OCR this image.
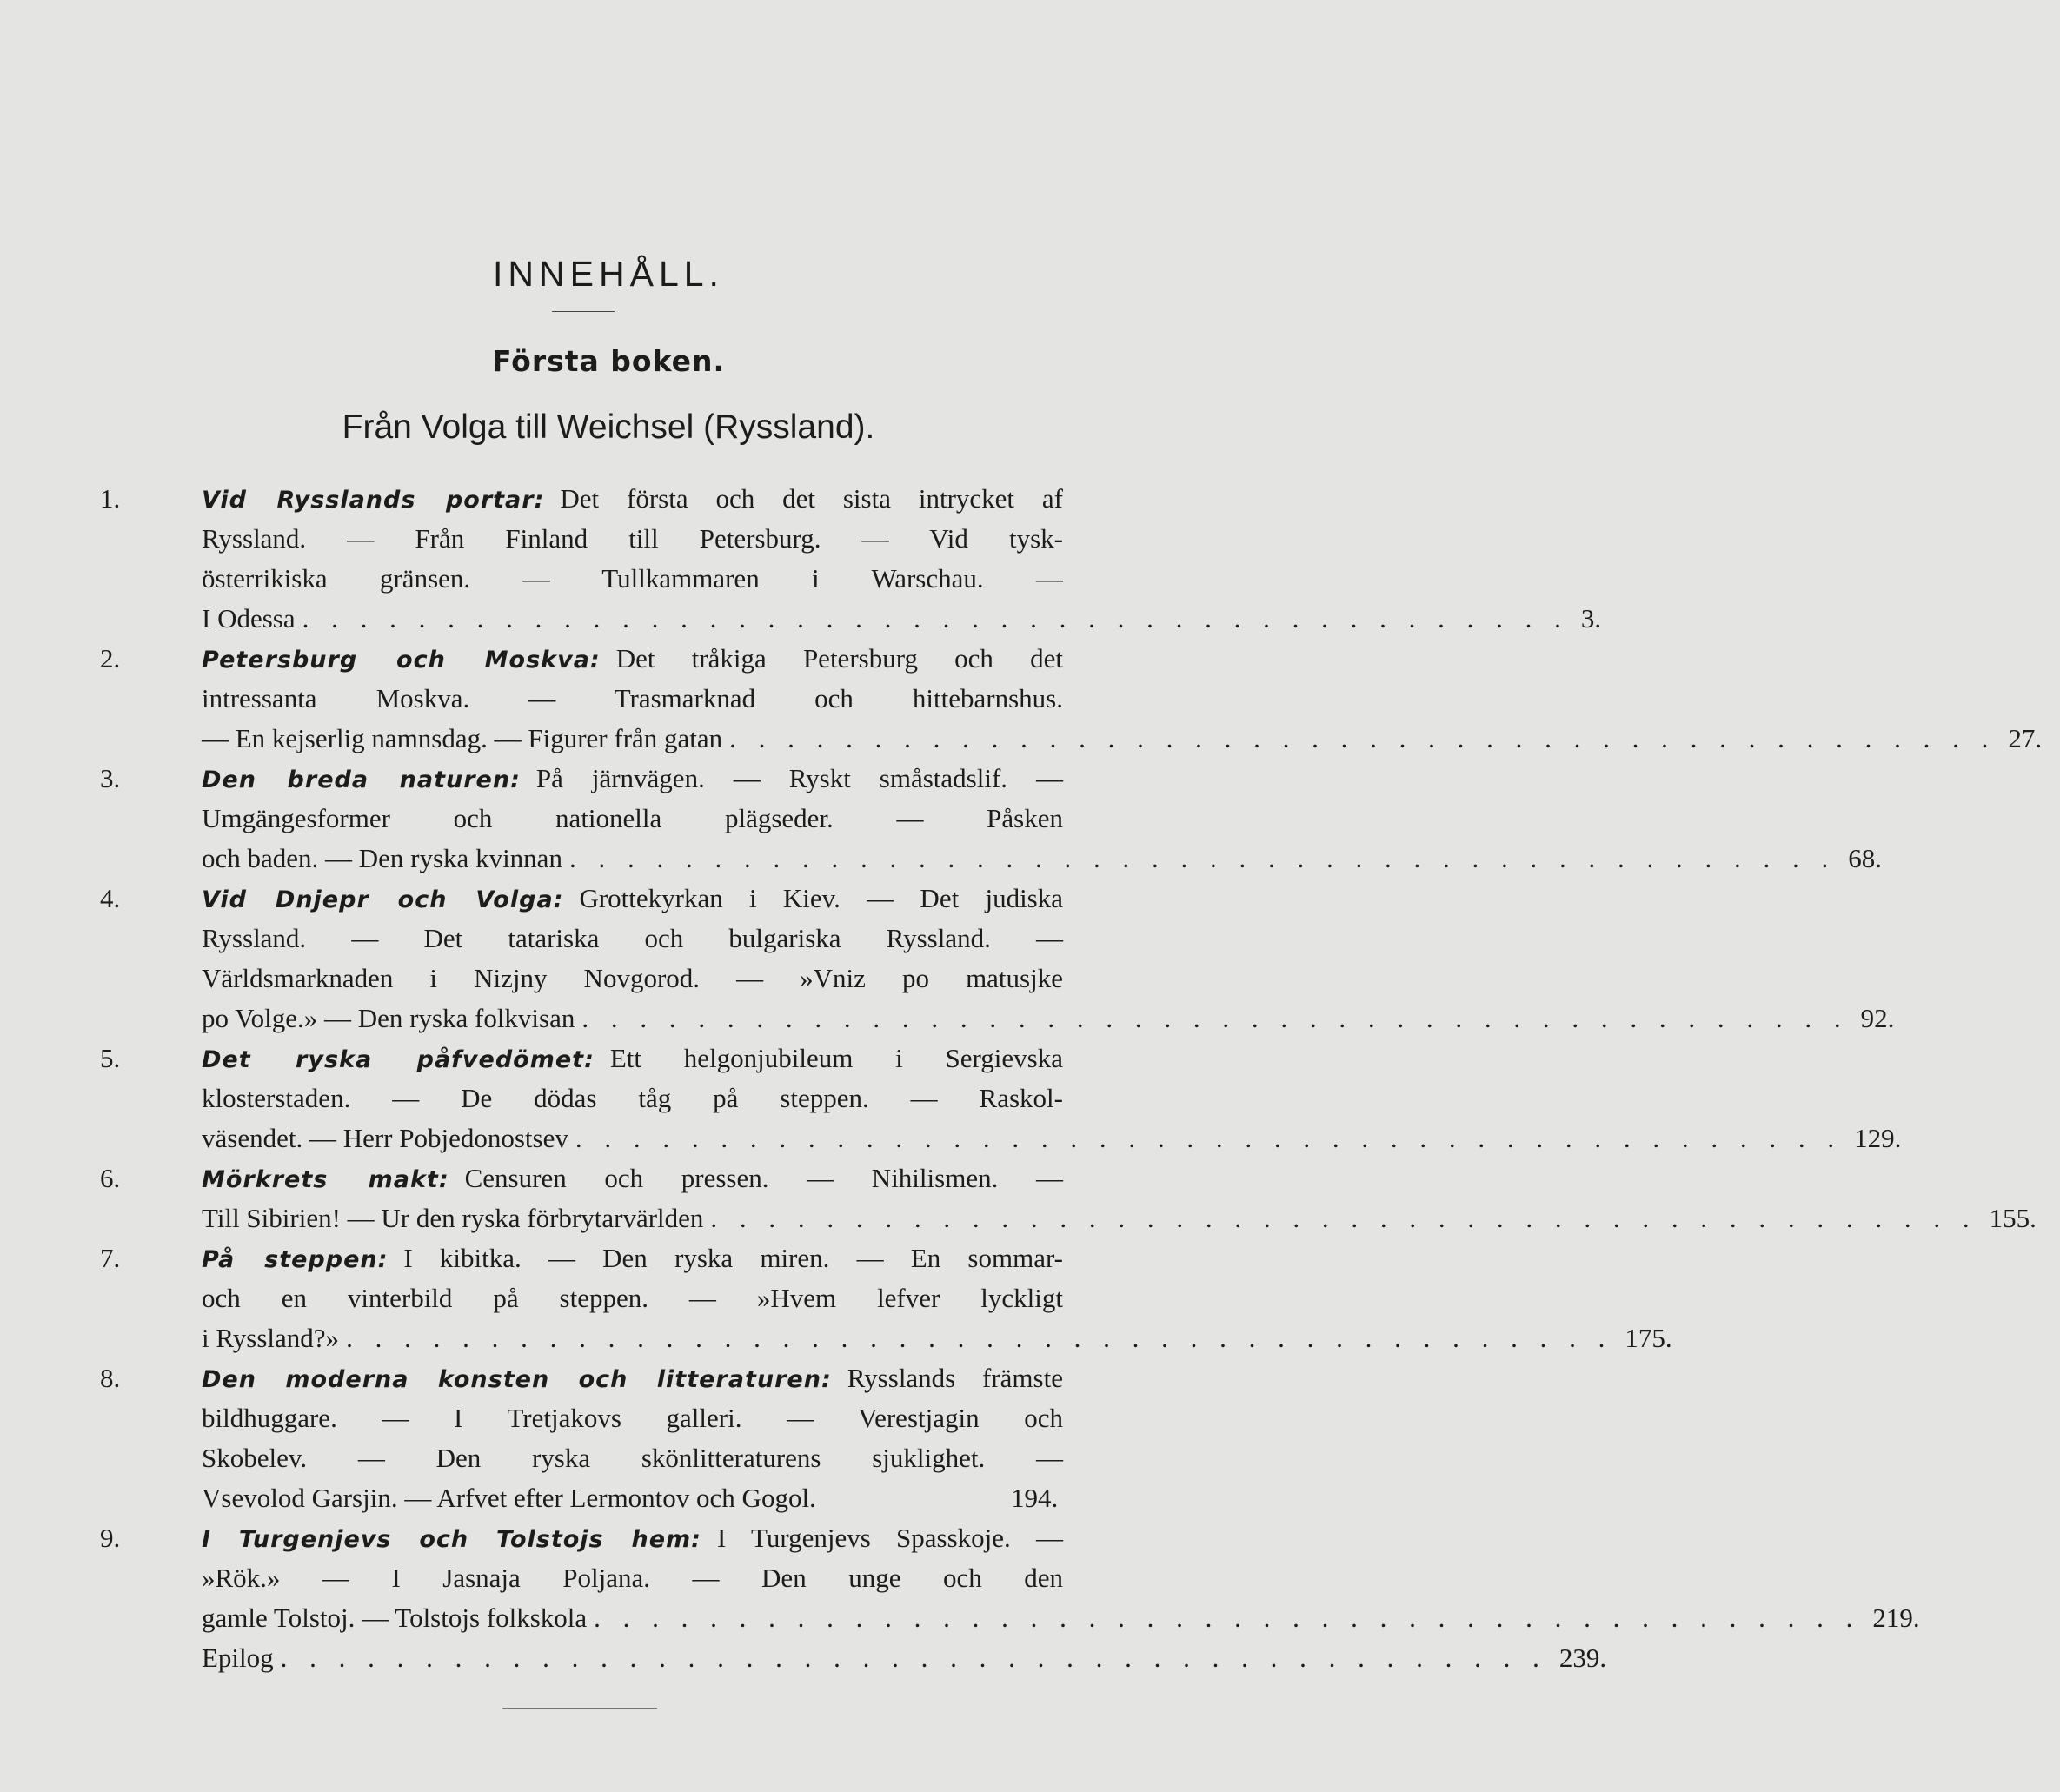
INNEHÅLL.
Första boken.
Från Volga till Weichsel (Ryssland).
1.	Vid Rysslands portar: Det första och det sista intrycket af
Ryssland. — Från Finland till Petersburg. — Vid tysk-
österrikiska gränsen. — Tullkammaren i Warschau. —
I Odessa . . . . . . . . . . . . . . . . . . . . . . . . . . . . . . . . . . . . . . . . . . . . 3.
2.	Petersburg och Moskva: Det tråkiga Petersburg och det
intressanta Moskva. — Trasmarknad och hittebarnshus.
— En kejserlig namnsdag. — Figurer från gatan . . . . . . . . . . . . . . . . . . . . . . . . . . . . . . . . . . . . . . . . . . . . 27.
3.	Den breda naturen: På järnvägen. — Ryskt småstadslif. —
Umgängesformer och nationella plägseder. — Påsken
och baden. — Den ryska kvinnan . . . . . . . . . . . . . . . . . . . . . . . . . . . . . . . . . . . . . . . . . . . . 68.
4.	Vid Dnjepr och Volga: Grottekyrkan i Kiev. — Det judiska
Ryssland. — Det tatariska och bulgariska Ryssland. —
Världsmarknaden i Nizjny Novgorod. — »Vniz po matusjke
po Volge.» — Den ryska folkvisan . . . . . . . . . . . . . . . . . . . . . . . . . . . . . . . . . . . . . . . . . . . . 92.
5.	Det ryska påfvedömet: Ett helgonjubileum i Sergievska
klosterstaden. — De dödas tåg på steppen. — Raskol-
väsendet. — Herr Pobjedonostsev . . . . . . . . . . . . . . . . . . . . . . . . . . . . . . . . . . . . . . . . . . . . 129.
6.	Mörkrets makt: Censuren och pressen. — Nihilismen. —
Till Sibirien! — Ur den ryska förbrytarvärlden . . . . . . . . . . . . . . . . . . . . . . . . . . . . . . . . . . . . . . . . . . . . 155.
7.	På steppen: I kibitka. — Den ryska miren. — En sommar-
och en vinterbild på steppen. — »Hvem lefver lyckligt
i Ryssland?» . . . . . . . . . . . . . . . . . . . . . . . . . . . . . . . . . . . . . . . . . . . . 175.
8.	Den moderna konsten och litteraturen: Rysslands främste
bildhuggare. — I Tretjakovs galleri. — Verestjagin och
Skobelev. — Den ryska skönlitteraturens sjuklighet. —
Vsevolod Garsjin. — Arfvet efter Lermontov och Gogol.	194.
9.	I Turgenjevs och Tolstojs hem: I Turgenjevs Spasskoje. —
»Rök.» — I Jasnaja Poljana. — Den unge och den
gamle Tolstoj. — Tolstojs folkskola . . . . . . . . . . . . . . . . . . . . . . . . . . . . . . . . . . . . . . . . . . . . 219.
Epilog . . . . . . . . . . . . . . . . . . . . . . . . . . . . . . . . . . . . . . . . . . . . 239.
